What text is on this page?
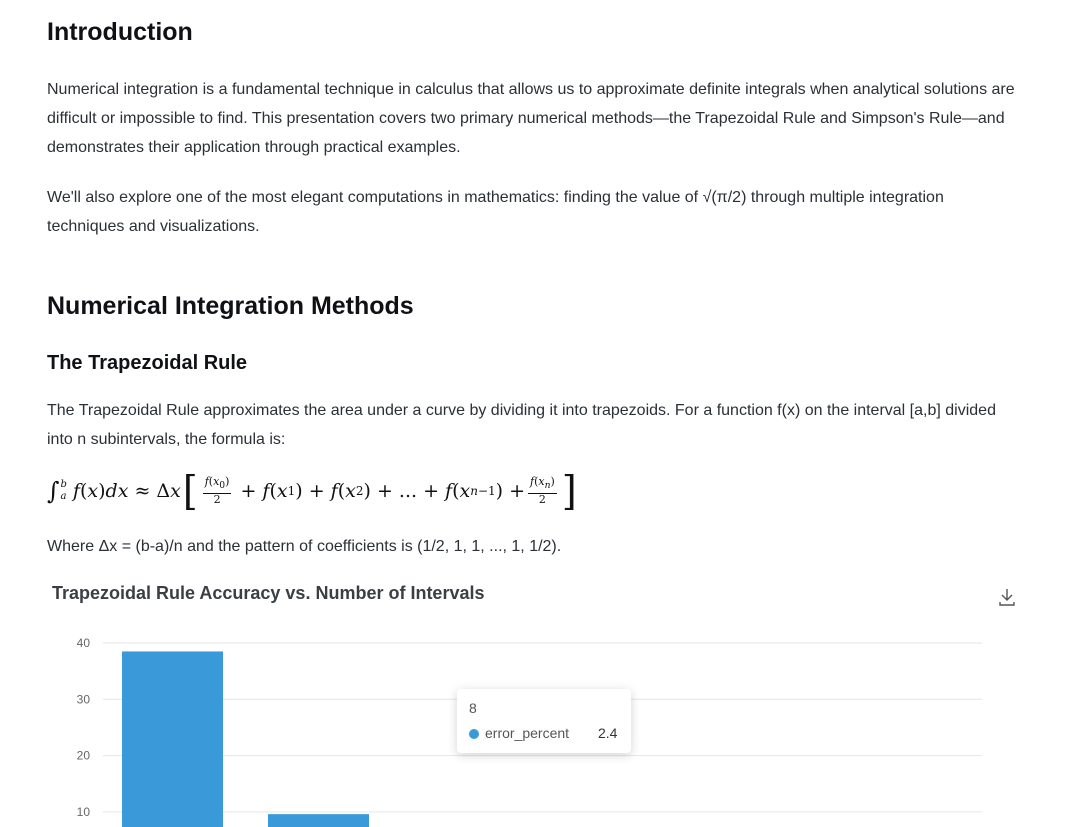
Introduction

Numerical integration is a fundamental technique in calculus that allows us to approximate definite integrals when analytical solutions are difficult or impossible to find. This presentation covers two primary numerical methods—the Trapezoidal Rule and Simpson's Rule—and demonstrates their application through practical examples.

We'll also explore one of the most elegant computations in mathematics: finding the value of √(π/2) through multiple integration techniques and visualizations.

Numerical Integration Methods
The Trapezoidal Rule

The Trapezoidal Rule approximates the area under a curve by dividing it into trapezoids. For a function f(x) on the interval [a,b] divided into n subintervals, the formula is:

∫ b
a f ( x ) dx ≈ Δ x [ $\frac{f(x_0)}{2} + f$ ( x 1 ) + f ( x 2 ) + ... + f ( x n−1 ) + $\frac{f(x_n)}{2}$ ]

Where Δx = (b-a)/n and the pattern of coefficients is (1/2, 1, 1, ..., 1, 1/2).

Trapezoidal Rule Accuracy vs. Number of Intervals
40
30
20
10
8
error_percent 2.4
